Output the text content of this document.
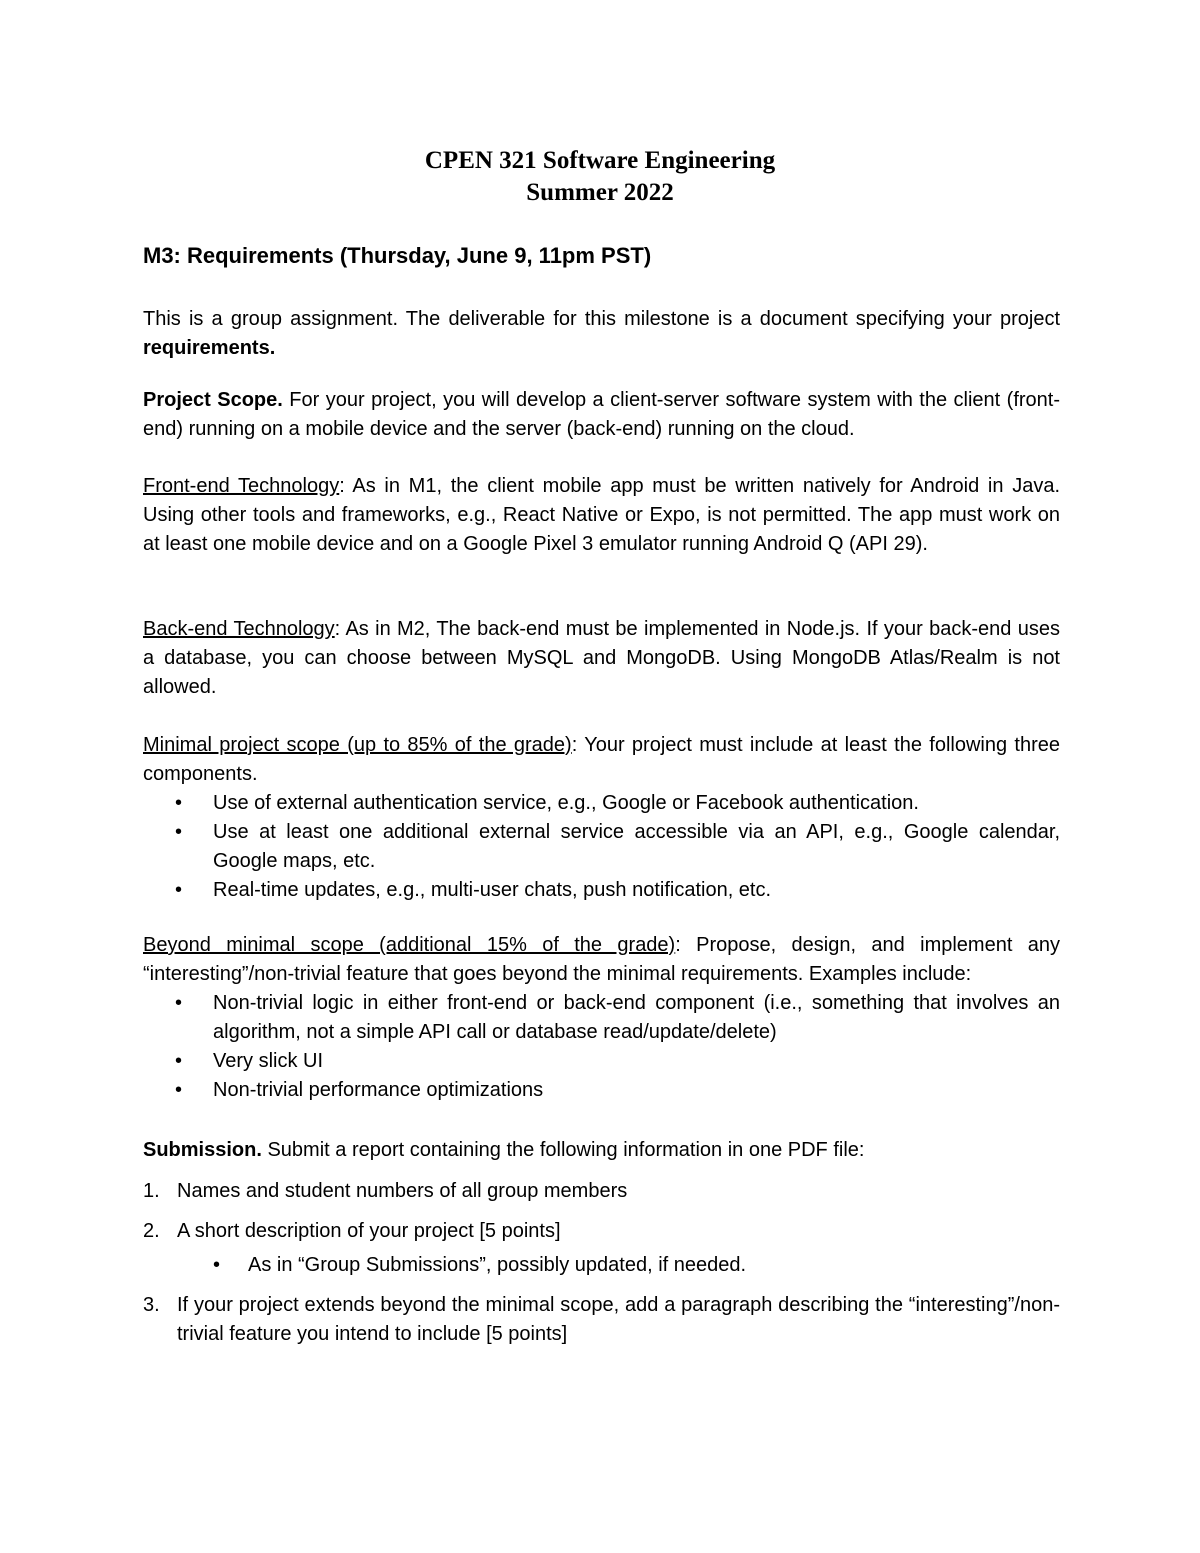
CPEN 321 Software Engineering
Summer 2022
M3: Requirements (Thursday, June 9, 11pm PST)
This is a group assignment. The deliverable for this milestone is a document specifying your project requirements.
Project Scope. For your project, you will develop a client-server software system with the client (front-end) running on a mobile device and the server (back-end) running on the cloud.
Front-end Technology: As in M1, the client mobile app must be written natively for Android in Java. Using other tools and frameworks, e.g., React Native or Expo, is not permitted. The app must work on at least one mobile device and on a Google Pixel 3 emulator running Android Q (API 29).
Back-end Technology: As in M2, The back-end must be implemented in Node.js. If your back-end uses a database, you can choose between MySQL and MongoDB. Using MongoDB Atlas/Realm is not allowed.
Minimal project scope (up to 85% of the grade): Your project must include at least the following three components.
• Use of external authentication service, e.g., Google or Facebook authentication.
• Use at least one additional external service accessible via an API, e.g., Google calendar, Google maps, etc.
• Real-time updates, e.g., multi-user chats, push notification, etc.
Beyond minimal scope (additional 15% of the grade): Propose, design, and implement any “interesting”/non-trivial feature that goes beyond the minimal requirements. Examples include:
• Non-trivial logic in either front-end or back-end component (i.e., something that involves an algorithm, not a simple API call or database read/update/delete)
• Very slick UI
• Non-trivial performance optimizations
Submission. Submit a report containing the following information in one PDF file:
1. Names and student numbers of all group members
2. A short description of your project [5 points]
• As in “Group Submissions”, possibly updated, if needed.
3. If your project extends beyond the minimal scope, add a paragraph describing the “interesting”/non-trivial feature you intend to include [5 points]
